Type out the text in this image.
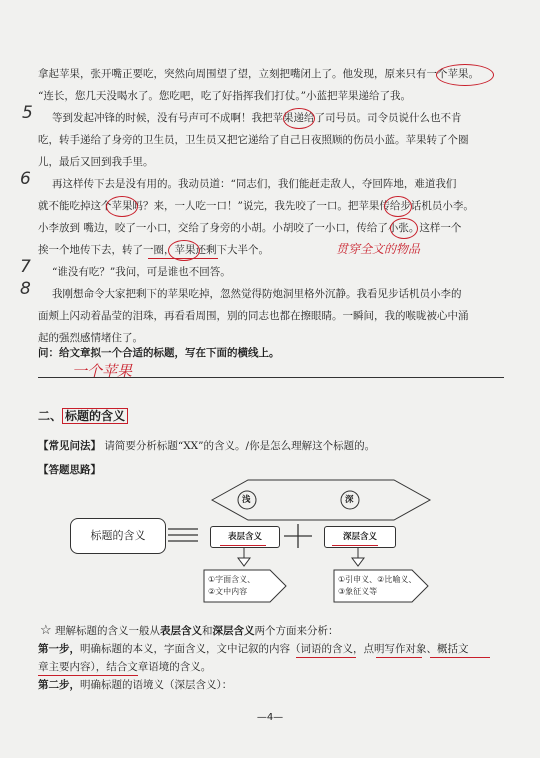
拿起苹果，张开嘴正要吃，突然向周围望了望，立刻把嘴闭上了。他发现，原来只有一个苹果。

“连长，您几天没喝水了。您吃吧，吃了好指挥我们打仗。”小蓝把苹果递给了我。

5 等到发起冲锋的时候，没有号声可不成啊！我把苹果递给了司号员。司令员说什么也不肯

吃，转手递给了身旁的卫生员，卫生员又把它递给了自己日夜照顾的伤员小蓝。苹果转了个圈

儿，最后又回到我手里。

6 再这样传下去是没有用的。我动员道：“同志们，我们能赶走敌人，夺回阵地，难道我们

就不能吃掉这个苹果吗？来，一人吃一口！”说完，我先咬了一口。把苹果传给步话机员小李。

小李放到 嘴边，咬了一小口，交给了身旁的小胡。小胡咬了一小口，传给了小张。这样一个

挨一个地传下去，转了一圈，苹果还剩下大半个。	贯穿全文的物品
7 “谁没有吃？”我问，可是谁也不回答。

8 我刚想命令大家把剩下的苹果吃掉，忽然觉得防炮洞里格外沉静。我看见步话机员小李的

面颊上闪动着晶莹的泪珠，再看看周围，别的同志也都在擦眼睛。一瞬间，我的喉咙被心中涌

起的强烈感情堵住了。

问：给文章拟一个合适的标题，写在下面的横线上。

一个苹果
二、 标题的含义

【常见问法】 请简要分析标题“XX”的含义。/你是怎么理解这个标题的。

【答题思路】

浅	深
标题的含义	表层含义	深层含义
①字面含义、
②文中内容
①引申义、②比喻义、
③象征义等

☆ 理解标题的含义一般从表层含义和深层含义两个方面来分析：

第一步，明确标题的本义，字面含义，文中记叙的内容（词语的含义，点明写作对象、概括文

章主要内容），结合文章语境的含义。

第二步，明确标题的语境义（深层含义）：

—4—
